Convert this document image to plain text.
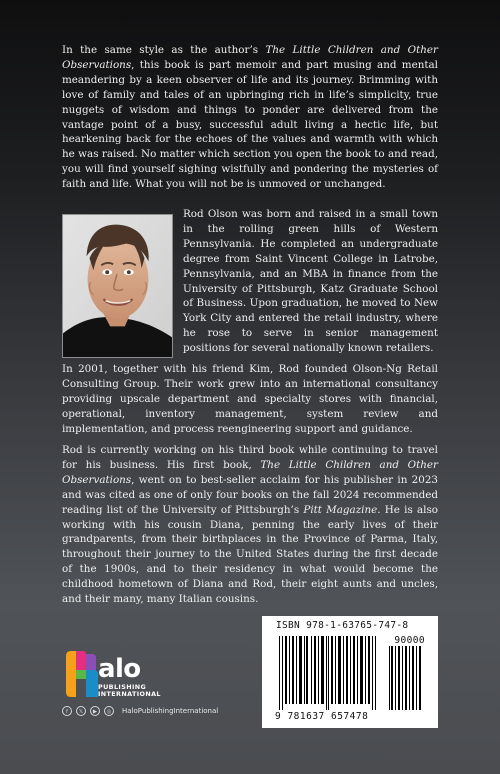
In the same style as the author’s The Little Children and Other Observations, this book is part memoir and part musing and mental meandering by a keen observer of life and its journey. Brimming with love of family and tales of an upbringing rich in life’s simplicity, true nuggets of wisdom and things to ponder are delivered from the vantage point of a busy, successful adult living a hectic life, but hearkening back for the echoes of the values and warmth with which he was raised. No matter which section you open the book to and read, you will find yourself sighing wistfully and pondering the mysteries of faith and life. What you will not be is unmoved or unchanged.

Rod Olson was born and raised in a small town in the rolling green hills of Western Pennsylvania. He completed an undergraduate degree from Saint Vincent College in Latrobe, Pennsylvania, and an MBA in finance from the University of Pittsburgh, Katz Graduate School of Business. Upon graduation, he moved to New York City and entered the retail industry, where he rose to serve in senior management positions for several nationally known retailers.

In 2001, together with his friend Kim, Rod founded Olson-Ng Retail Consulting Group. Their work grew into an international consultancy providing upscale department and specialty stores with financial, operational, inventory management, system review and implementation, and process reengineering support and guidance.

Rod is currently working on his third book while continuing to travel for his business. His first book, The Little Children and Other Observations, went on to best-seller acclaim for his publisher in 2023 and was cited as one of only four books on the fall 2024 recommended reading list of the University of Pittsburgh’s Pitt Magazine. He is also working with his cousin Diana, penning the early lives of their grandparents, from their birthplaces in the Province of Parma, Italy, throughout their journey to the United States during the first decade of the 1900s, and to their residency in what would become the childhood hometown of Diana and Rod, their eight aunts and uncles, and their many, many Italian cousins.

alo
PUBLISHING
INTERNATIONAL
f	𝕏	▶	◎	HaloPublishingInternational
ISBN 978-1-63765-747-8
90000
9 781637 657478
